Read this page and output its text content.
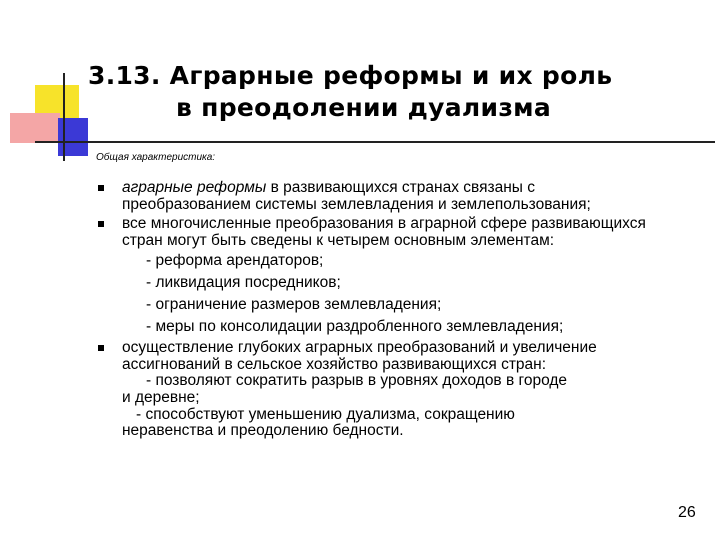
3.13. Аграрные реформы и их роль
в преодолении дуализма
Общая характеристика:
аграрные реформы в развивающихся странах связаны с преобразованием системы землевладения и землепользования;
все многочисленные преобразования в аграрной сфере развивающихся стран могут быть сведены к четырем основным элементам:
- реформа арендаторов;
- ликвидация посредников;
- ограничение размеров землевладения;
- меры по консолидации раздробленного землевладения;
осуществление глубоких аграрных преобразований и увеличение ассигнований в сельское хозяйство развивающихся стран:
- позволяют сократить разрыв в уровнях доходов в городе
и деревне;
- способствуют уменьшению дуализма, сокращению
неравенства и преодолению бедности.
26
